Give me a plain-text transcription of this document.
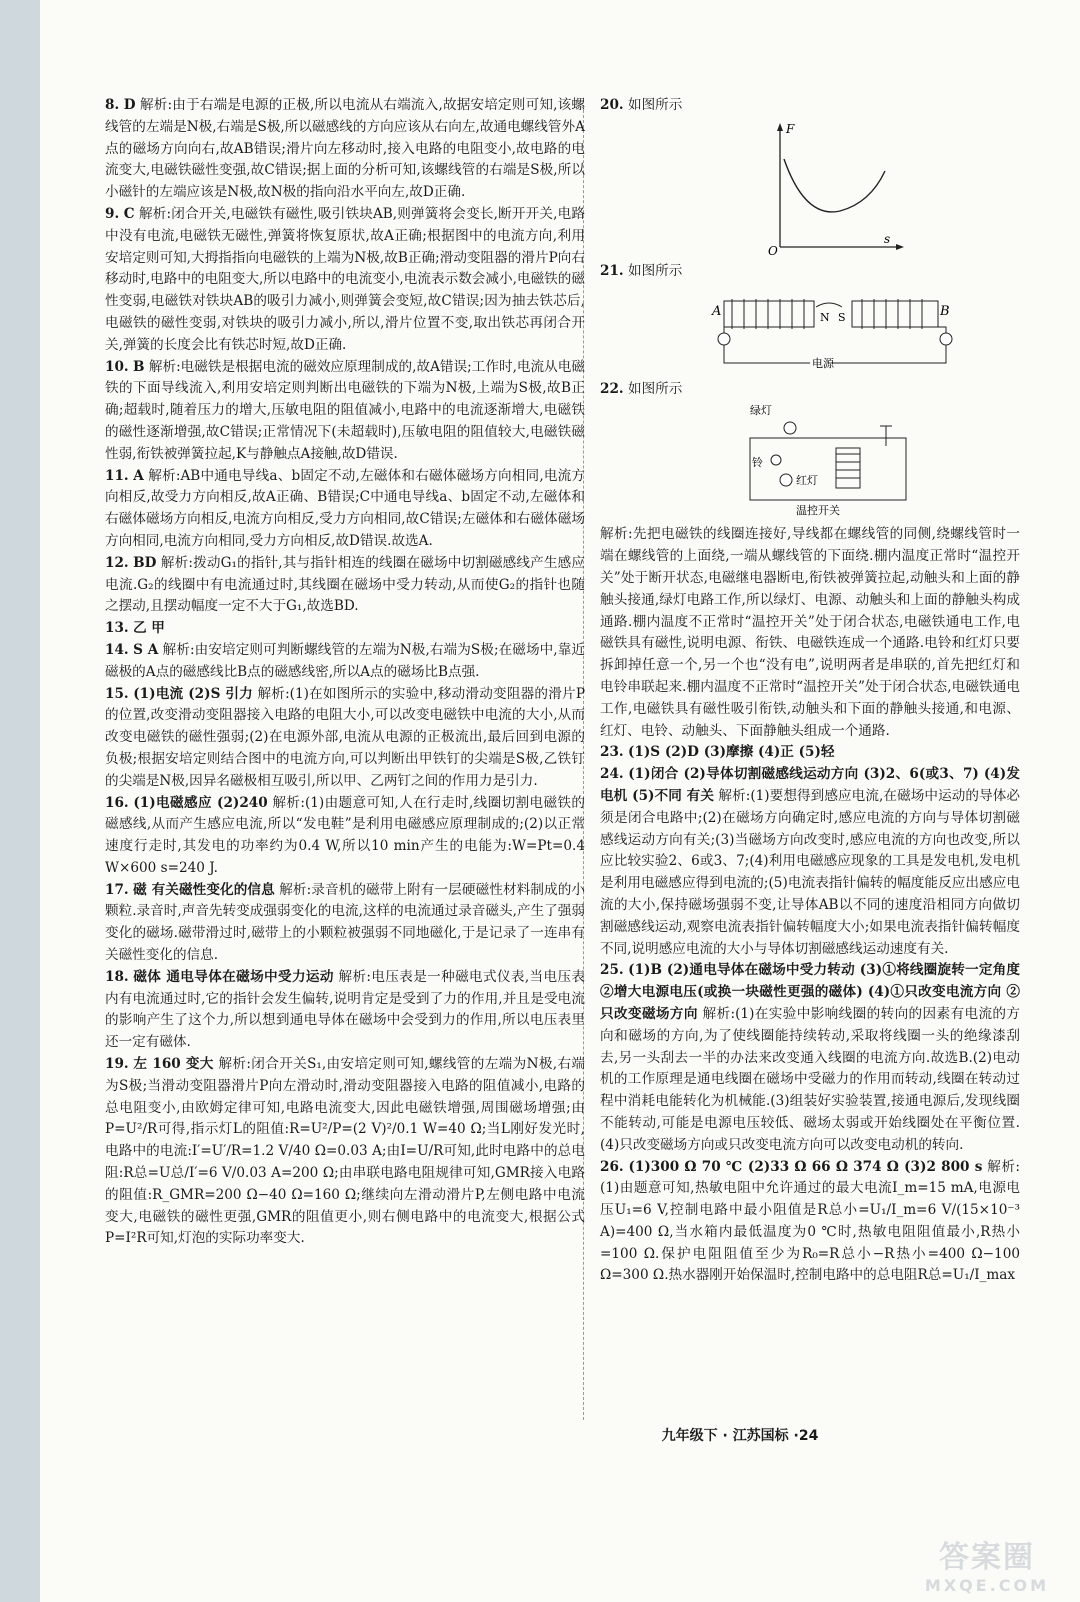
8. D 解析:由于右端是电源的正极,所以电流从右端流入,故据安培定则可知,该螺线管的左端是N极,右端是S极,所以磁感线的方向应该从右向左,故通电螺线管外A点的磁场方向向右,故AB错误;滑片向左移动时,接入电路的电阻变小,故电路的电流变大,电磁铁磁性变强,故C错误;据上面的分析可知,该螺线管的右端是S极,所以小磁针的左端应该是N极,故N极的指向沿水平向左,故D正确.
9. C 解析:闭合开关,电磁铁有磁性,吸引铁块AB,则弹簧将会变长,断开开关,电路中没有电流,电磁铁无磁性,弹簧将恢复原状,故A正确;根据图中的电流方向,利用安培定则可知,大拇指指向电磁铁的上端为N极,故B正确;滑动变阻器的滑片P向右移动时,电路中的电阻变大,所以电路中的电流变小,电流表示数会减小,电磁铁的磁性变弱,电磁铁对铁块AB的吸引力减小,则弹簧会变短,故C错误;因为抽去铁芯后,电磁铁的磁性变弱,对铁块的吸引力减小,所以,滑片位置不变,取出铁芯再闭合开关,弹簧的长度会比有铁芯时短,故D正确.
10. B 解析:电磁铁是根据电流的磁效应原理制成的,故A错误;工作时,电流从电磁铁的下面导线流入,利用安培定则判断出电磁铁的下端为N极,上端为S极,故B正确;超载时,随着压力的增大,压敏电阻的阻值减小,电路中的电流逐渐增大,电磁铁的磁性逐渐增强,故C错误;正常情况下(未超载时),压敏电阻的阻值较大,电磁铁磁性弱,衔铁被弹簧拉起,K与静触点A接触,故D错误.
11. A 解析:AB中通电导线a、b固定不动,左磁体和右磁体磁场方向相同,电流方向相反,故受力方向相反,故A正确、B错误;C中通电导线a、b固定不动,左磁体和右磁体磁场方向相反,电流方向相反,受力方向相同,故C错误;左磁体和右磁体磁场方向相同,电流方向相同,受力方向相反,故D错误.故选A.
12. BD 解析:拨动G₁的指针,其与指针相连的线圈在磁场中切割磁感线产生感应电流.G₂的线圈中有电流通过时,其线圈在磁场中受力转动,从而使G₂的指针也随之摆动,且摆动幅度一定不大于G₁,故选BD.
13. 乙 甲
14. S A 解析:由安培定则可判断螺线管的左端为N极,右端为S极;在磁场中,靠近磁极的A点的磁感线比B点的磁感线密,所以A点的磁场比B点强.
15. (1)电流 (2)S 引力 解析:(1)在如图所示的实验中,移动滑动变阻器的滑片P的位置,改变滑动变阻器接入电路的电阻大小,可以改变电磁铁中电流的大小,从而改变电磁铁的磁性强弱;(2)在电源外部,电流从电源的正极流出,最后回到电源的负极;根据安培定则结合图中的电流方向,可以判断出甲铁钉的尖端是S极,乙铁钉的尖端是N极,因异名磁极相互吸引,所以甲、乙两钉之间的作用力是引力.
16. (1)电磁感应 (2)240 解析:(1)由题意可知,人在行走时,线圈切割电磁铁的磁感线,从而产生感应电流,所以“发电鞋”是利用电磁感应原理制成的;(2)以正常速度行走时,其发电的功率约为0.4 W,所以10 min产生的电能为:W=Pt=0.4 W×600 s=240 J.
17. 磁 有关磁性变化的信息 解析:录音机的磁带上附有一层硬磁性材料制成的小颗粒.录音时,声音先转变成强弱变化的电流,这样的电流通过录音磁头,产生了强弱变化的磁场.磁带滑过时,磁带上的小颗粒被强弱不同地磁化,于是记录了一连串有关磁性变化的信息.
18. 磁体 通电导体在磁场中受力运动 解析:电压表是一种磁电式仪表,当电压表内有电流通过时,它的指针会发生偏转,说明肯定是受到了力的作用,并且是受电流的影响产生了这个力,所以想到通电导体在磁场中会受到力的作用,所以电压表里还一定有磁体.
19. 左 160 变大 解析:闭合开关S₁,由安培定则可知,螺线管的左端为N极,右端为S极;当滑动变阻器滑片P向左滑动时,滑动变阻器接入电路的阻值减小,电路的总电阻变小,由欧姆定律可知,电路电流变大,因此电磁铁增强,周围磁场增强;由P=U²/R可得,指示灯L的阻值:R=U²/P=(2 V)²/0.1 W=40 Ω;当L刚好发光时,电路中的电流:I′=U′/R=1.2 V/40 Ω=0.03 A;由I=U/R可知,此时电路中的总电阻:R总=U总/I′=6 V/0.03 A=200 Ω;由串联电路电阻规律可知,GMR接入电路的阻值:R_GMR=200 Ω−40 Ω=160 Ω;继续向左滑动滑片P,左侧电路中电流变大,电磁铁的磁性更强,GMR的阻值更小,则右侧电路中的电流变大,根据公式P=I²R可知,灯泡的实际功率变大.
20. 如图所示
F
s
O
21. 如图所示
A	B
N S
电源
22. 如图所示
绿灯
铃
红灯
温控开关
解析:先把电磁铁的线圈连接好,导线都在螺线管的同侧,绕螺线管时一端在螺线管的上面绕,一端从螺线管的下面绕.棚内温度正常时“温控开关”处于断开状态,电磁继电器断电,衔铁被弹簧拉起,动触头和上面的静触头接通,绿灯电路工作,所以绿灯、电源、动触头和上面的静触头构成通路.棚内温度不正常时“温控开关”处于闭合状态,电磁铁通电工作,电磁铁具有磁性,说明电源、衔铁、电磁铁连成一个通路.电铃和红灯只要拆卸掉任意一个,另一个也“没有电”,说明两者是串联的,首先把红灯和电铃串联起来.棚内温度不正常时“温控开关”处于闭合状态,电磁铁通电工作,电磁铁具有磁性吸引衔铁,动触头和下面的静触头接通,和电源、红灯、电铃、动触头、下面静触头组成一个通路.
23. (1)S (2)D (3)摩擦 (4)正 (5)轻
24. (1)闭合 (2)导体切割磁感线运动方向 (3)2、6(或3、7) (4)发电机 (5)不同 有关 解析:(1)要想得到感应电流,在磁场中运动的导体必须是闭合电路中;(2)在磁场方向确定时,感应电流的方向与导体切割磁感线运动方向有关;(3)当磁场方向改变时,感应电流的方向也改变,所以应比较实验2、6或3、7;(4)利用电磁感应现象的工具是发电机,发电机是利用电磁感应得到电流的;(5)电流表指针偏转的幅度能反应出感应电流的大小,保持磁场强弱不变,让导体AB以不同的速度沿相同方向做切割磁感线运动,观察电流表指针偏转幅度大小;如果电流表指针偏转幅度不同,说明感应电流的大小与导体切割磁感线运动速度有关.
25. (1)B (2)通电导体在磁场中受力转动 (3)①将线圈旋转一定角度 ②增大电源电压(或换一块磁性更强的磁体) (4)①只改变电流方向 ②只改变磁场方向 解析:(1)在实验中影响线圈的转向的因素有电流的方向和磁场的方向,为了使线圈能持续转动,采取将线圈一头的绝缘漆刮去,另一头刮去一半的办法来改变通入线圈的电流方向.故选B.(2)电动机的工作原理是通电线圈在磁场中受磁力的作用而转动,线圈在转动过程中消耗电能转化为机械能.(3)组装好实验装置,接通电源后,发现线圈不能转动,可能是电源电压较低、磁场太弱或开始线圈处在平衡位置.(4)只改变磁场方向或只改变电流方向可以改变电动机的转向.
26. (1)300 Ω 70 ℃ (2)33 Ω 66 Ω 374 Ω (3)2 800 s 解析:(1)由题意可知,热敏电阻中允许通过的最大电流I_m=15 mA,电源电压U₁=6 V,控制电路中最小阻值是R总小=U₁/I_m=6 V/(15×10⁻³ A)=400 Ω,当水箱内最低温度为0 ℃时,热敏电阻阻值最小,R热小=100 Ω.保护电阻阻值至少为R₀=R总小−R热小=400 Ω−100 Ω=300 Ω.热水器刚开始保温时,控制电路中的总电阻R总=U₁/I_max
九年级下 · 江苏国标 ·24
答案圈
MXQE.COM
